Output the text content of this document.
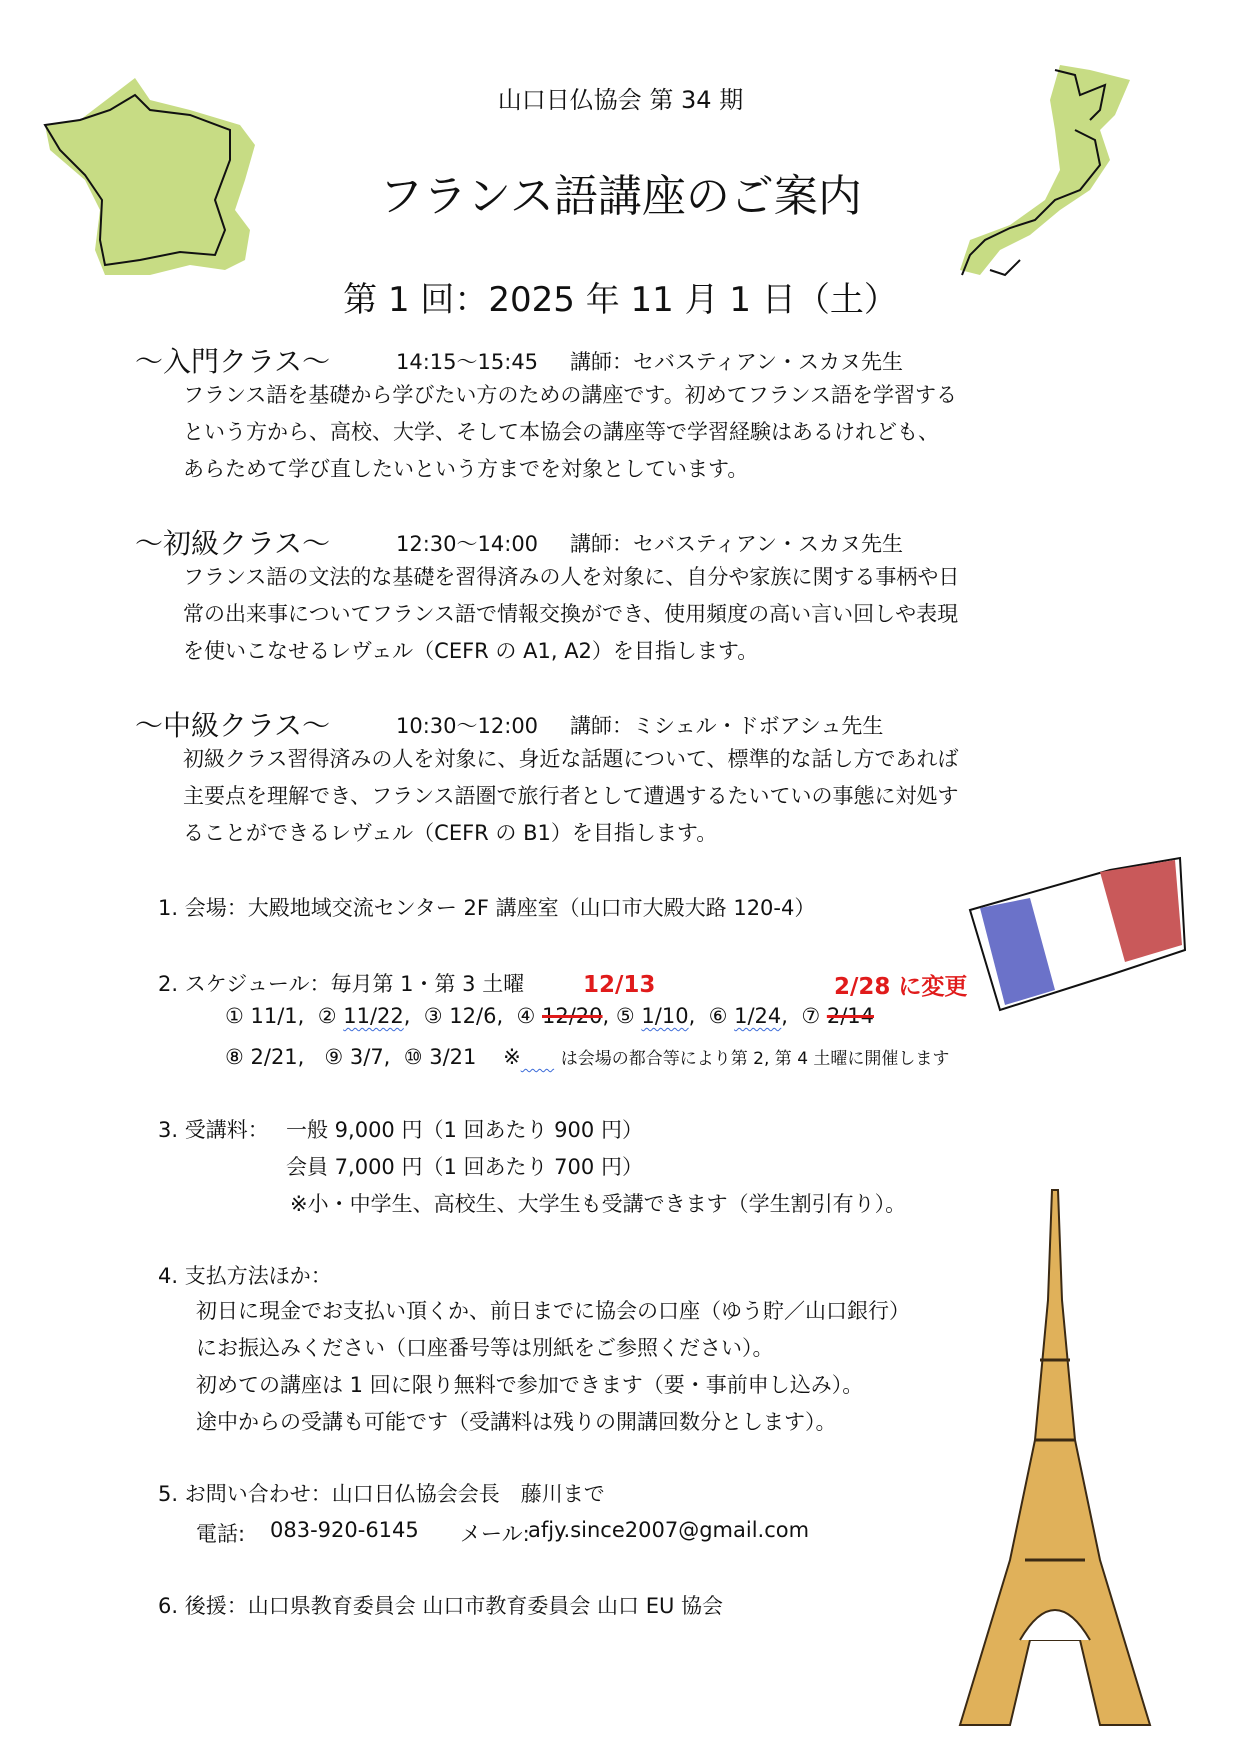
山口日仏協会 第 34 期
フランス語講座のご案内
第 1 回：2025 年 11 月 1 日（土）
～入門クラス～	14:15～15:45 講師：セバスティアン・スカヌ先生
フランス語を基礎から学びたい方のための講座です。初めてフランス語を学習する
という方から、高校、大学、そして本協会の講座等で学習経験はあるけれども、
あらためて学び直したいという方までを対象としています。
～初級クラス～	12:30～14:00 講師：セバスティアン・スカヌ先生
フランス語の文法的な基礎を習得済みの人を対象に、自分や家族に関する事柄や日
常の出来事についてフランス語で情報交換ができ、使用頻度の高い言い回しや表現
を使いこなせるレヴェル（CEFR の A1, A2）を目指します。
～中級クラス～	10:30～12:00 講師：ミシェル・ドボアシュ先生
初級クラス習得済みの人を対象に、身近な話題について、標準的な話し方であれば
主要点を理解でき、フランス語圏で旅行者として遭遇するたいていの事態に対処す
ることができるレヴェル（CEFR の B1）を目指します。
1. 会場：大殿地域交流センター 2F 講座室（山口市大殿大路 120-4）
2. スケジュール：毎月第 1・第 3 土曜	12/13	2/28 に変更
① 11/1, ② 11/22,  ③ 12/6, ④ 12/20, ⑤ 1/10,  ⑥ 1/24,  ⑦ 2/14
⑧ 2/21, ⑨ 3/7, ⑩ 3/21 ※ は会場の都合等により第 2, 第 4 土曜に開催します
3. 受講料： 一般 9,000 円（1 回あたり 900 円）
会員 7,000 円（1 回あたり 700 円）
※小・中学生、高校生、大学生も受講できます（学生割引有り）。
4. 支払方法ほか：
初日に現金でお支払い頂くか、前日までに協会の口座（ゆう貯／山口銀行）
にお振込みください（口座番号等は別紙をご参照ください）。
初めての講座は 1 回に限り無料で参加できます（要・事前申し込み）。
途中からの受講も可能です（受講料は残りの開講回数分とします）。
5. お問い合わせ：山口日仏協会会長　藤川まで
電話: 083-920-6145 メール:
afjy.since2007@gmail.com
6. 後援：山口県教育委員会 山口市教育委員会 山口 EU 協会
